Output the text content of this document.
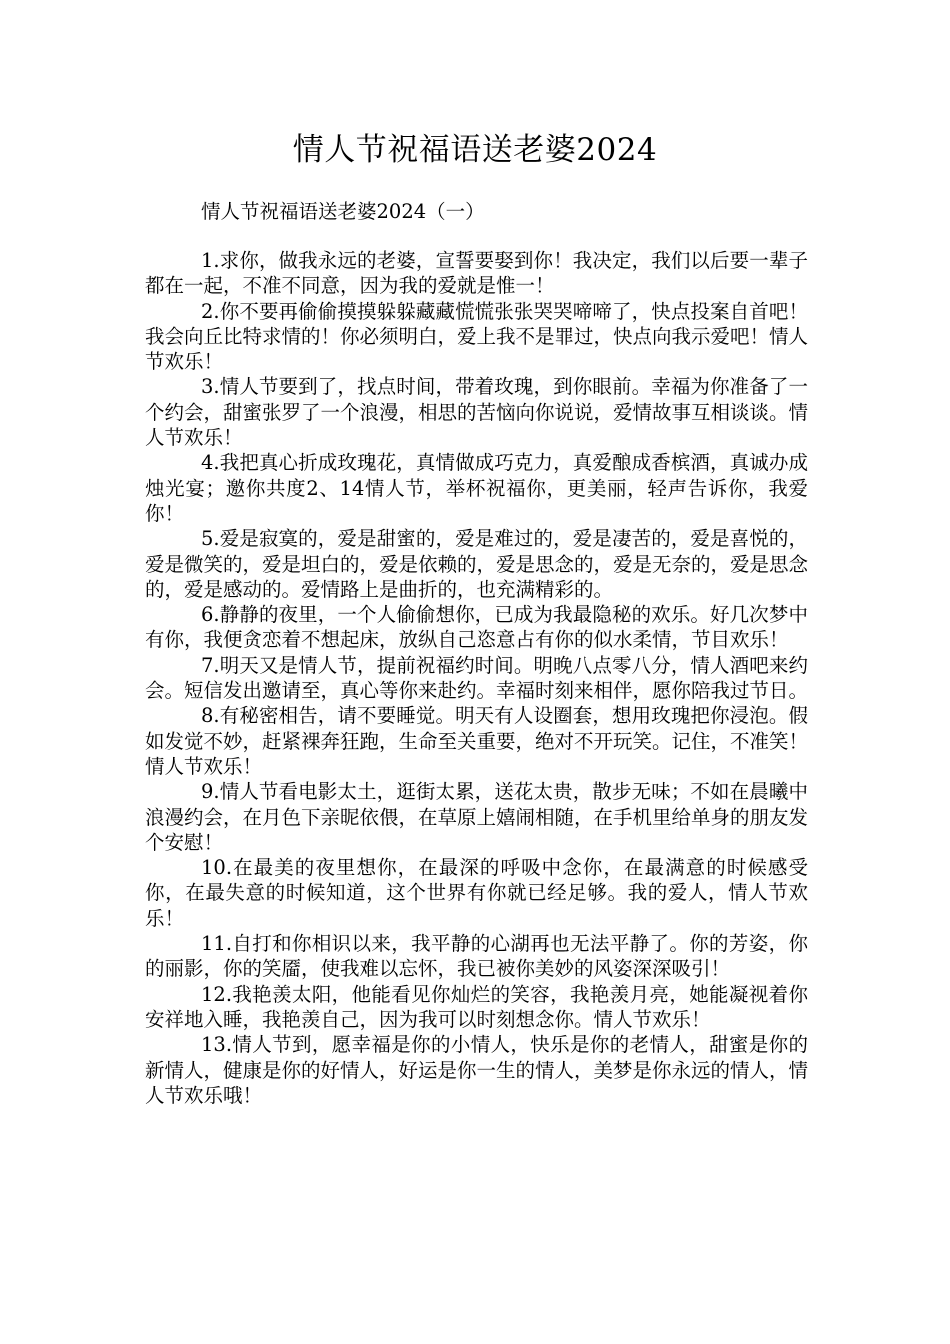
情人节祝福语送老婆2024
情人节祝福语送老婆2024（一）

1.求你，做我永远的老婆，宣誓要娶到你！我决定，我们以后要一辈子都在一起，不准不同意，因为我的爱就是惟一！

2.你不要再偷偷摸摸躲躲藏藏慌慌张张哭哭啼啼了，快点投案自首吧！我会向丘比特求情的！你必须明白，爱上我不是罪过，快点向我示爱吧！情人节欢乐！

3.情人节要到了，找点时间，带着玫瑰，到你眼前。幸福为你准备了一个约会，甜蜜张罗了一个浪漫，相思的苦恼向你说说，爱情故事互相谈谈。情人节欢乐！

4.我把真心折成玫瑰花，真情做成巧克力，真爱酿成香槟酒，真诚办成烛光宴；邀你共度2、14情人节，举杯祝福你，更美丽，轻声告诉你，我爱你！

5.爱是寂寞的，爱是甜蜜的，爱是难过的，爱是凄苦的，爱是喜悦的，爱是微笑的，爱是坦白的，爱是依赖的，爱是思念的，爱是无奈的，爱是思念的，爱是感动的。爱情路上是曲折的，也充满精彩的。

6.静静的夜里，一个人偷偷想你，已成为我最隐秘的欢乐。好几次梦中有你，我便贪恋着不想起床，放纵自己恣意占有你的似水柔情，节目欢乐！

7.明天又是情人节，提前祝福约时间。明晚八点零八分，情人酒吧来约会。短信发出邀请至，真心等你来赴约。幸福时刻来相伴，愿你陪我过节日。

8.有秘密相告，请不要睡觉。明天有人设圈套，想用玫瑰把你浸泡。假如发觉不妙，赶紧裸奔狂跑，生命至关重要，绝对不开玩笑。记住，不准笑！情人节欢乐！

9.情人节看电影太土，逛街太累，送花太贵，散步无味；不如在晨曦中浪漫约会，在月色下亲昵依偎，在草原上嬉闹相随，在手机里给单身的朋友发个安慰！

10.在最美的夜里想你，在最深的呼吸中念你，在最满意的时候感受你，在最失意的时候知道，这个世界有你就已经足够。我的爱人，情人节欢乐！

11.自打和你相识以来，我平静的心湖再也无法平静了。你的芳姿，你的丽影，你的笑靥，使我难以忘怀，我已被你美妙的风姿深深吸引！

12.我艳羡太阳，他能看见你灿烂的笑容，我艳羡月亮，她能凝视着你安祥地入睡，我艳羡自己，因为我可以时刻想念你。情人节欢乐！

13.情人节到，愿幸福是你的小情人，快乐是你的老情人，甜蜜是你的新情人，健康是你的好情人，好运是你一生的情人，美梦是你永远的情人，情人节欢乐哦！
